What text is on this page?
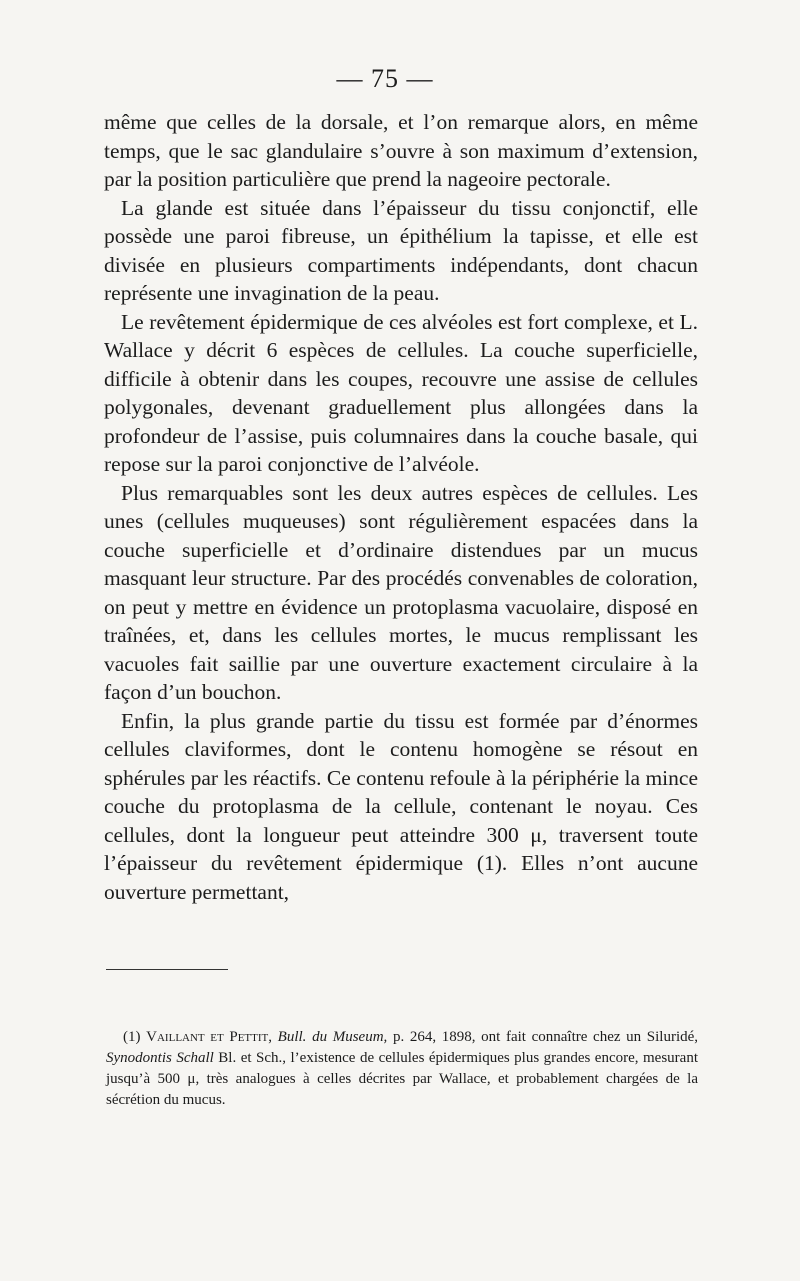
— 75 —

même que celles de la dorsale, et l’on remarque alors, en même temps, que le sac glandulaire s’ouvre à son maximum d’extension, par la position particulière que prend la nageoire pectorale.

La glande est située dans l’épaisseur du tissu conjonctif, elle possède une paroi fibreuse, un épithélium la tapisse, et elle est divisée en plusieurs compartiments indépendants, dont chacun représente une invagination de la peau.

Le revêtement épidermique de ces alvéoles est fort complexe, et L. Wallace y décrit 6 espèces de cellules. La couche superficielle, difficile à obtenir dans les coupes, recouvre une assise de cellules polygonales, devenant graduellement plus allongées dans la profondeur de l’assise, puis columnaires dans la couche basale, qui repose sur la paroi conjonctive de l’alvéole.

Plus remarquables sont les deux autres espèces de cellules. Les unes (cellules muqueuses) sont régulièrement espacées dans la couche superficielle et d’ordinaire distendues par un mucus masquant leur structure. Par des procédés convenables de coloration, on peut y mettre en évidence un protoplasma vacuolaire, disposé en traînées, et, dans les cellules mortes, le mucus remplissant les vacuoles fait saillie par une ouverture exactement circulaire à la façon d’un bouchon.

Enfin, la plus grande partie du tissu est formée par d’énormes cellules claviformes, dont le contenu homogène se résout en sphérules par les réactifs. Ce contenu refoule à la périphérie la mince couche du protoplasma de la cellule, contenant le noyau. Ces cellules, dont la longueur peut atteindre 300 μ, traversent toute l’épaisseur du revêtement épidermique (1). Elles n’ont aucune ouverture permettant,

(1) Vaillant et Pettit, Bull. du Museum, p. 264, 1898, ont fait connaître chez un Siluridé, Synodontis Schall Bl. et Sch., l’existence de cellules épidermiques plus grandes encore, mesurant jusqu’à 500 μ, très analogues à celles décrites par Wallace, et probablement chargées de la sécrétion du mucus.
